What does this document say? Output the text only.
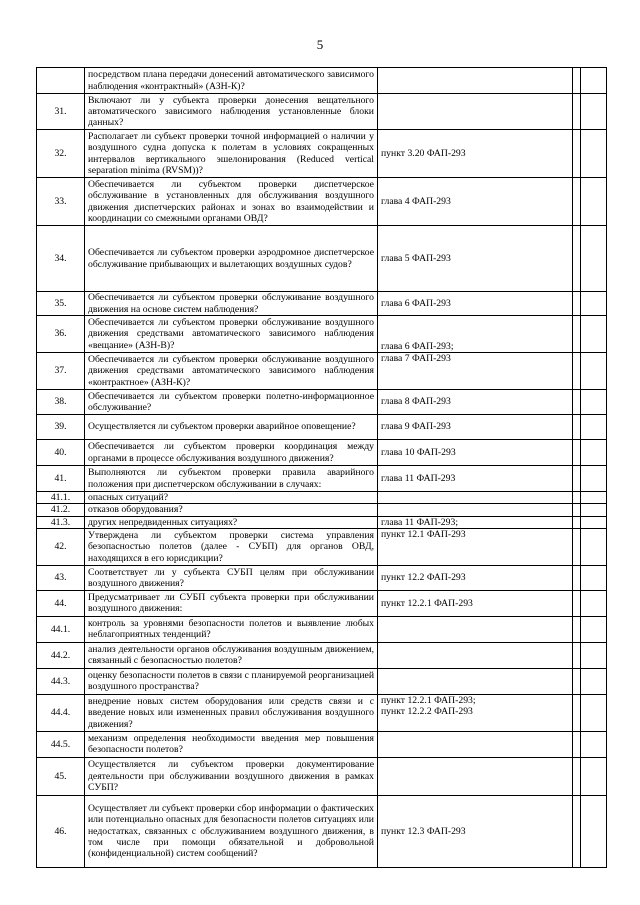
5
	посредством плана передачи донесений автоматического зависимого наблюдения «контрактный» (АЗН-К)?	

31.	Включают ли у субъекта проверки донесения вещательного автоматического зависимого наблюдения установленные блоки данных?	

32.	Располагает ли субъект проверки точной информацией о наличии у воздушного судна допуска к полетам в условиях сокращенных интервалов вертикального эшелонирования (Reduced vertical separation minima (RVSM))?	пункт 3.20 ФАП-293		

33.	Обеспечивается ли субъектом проверки диспетчерское обслуживание в установленных для обслуживания воздушного движения диспетчерских районах и зонах во взаимодействии и координации со смежными органами ОВД?	глава 4 ФАП-293		

34.	Обеспечивается ли субъектом проверки аэродромное диспетчерское обслуживание прибывающих и вылетающих воздушных судов?	глава 5 ФАП-293		

35.	Обеспечивается ли субъектом проверки обслуживание воздушного движения на основе систем наблюдения?	глава 6 ФАП-293		

36.	Обеспечивается ли субъектом проверки обслуживание воздушного движения средствами автоматического зависимого наблюдения «вещание» (АЗН-В)?	глава 6 ФАП-293;		

37.	Обеспечивается ли субъектом проверки обслуживание воздушного движения средствами автоматического зависимого наблюдения «контрактное» (АЗН-К)?	глава 7 ФАП-293		

38.	Обеспечивается ли субъектом проверки полетно-информационное обслуживание?	глава 8 ФАП-293		

39.	Осуществляется ли субъектом проверки аварийное оповещение?	глава 9 ФАП-293		

40.	Обеспечивается ли субъектом проверки координация между органами в процессе обслуживания воздушного движения?	глава 10 ФАП-293		

41.	Выполняются ли субъектом проверки правила аварийного положения при диспетчерском обслуживании в случаях:	глава 11 ФАП-293		

41.1.	опасных ситуаций?	

41.2.	отказов оборудования?	

41.3.	других непредвиденных ситуациях?	глава 11 ФАП-293;		

42.	Утверждена ли субъектом проверки система управления безопасностью полетов (далее - СУБП) для органов ОВД, находящихся в его юрисдикции?	пункт 12.1 ФАП-293		

43.	Соответствует ли у субъекта СУБП целям при обслуживании воздушного движения?	пункт 12.2 ФАП-293		

44.	Предусматривает ли СУБП субъекта проверки при обслуживании воздушного движения:	пункт 12.2.1 ФАП-293		

44.1.	контроль за уровнями безопасности полетов и выявление любых неблагоприятных тенденций?	

44.2.	анализ деятельности органов обслуживания воздушным движением, связанный с безопасностью полетов?	

44.3.	оценку безопасности полетов в связи с планируемой реорганизацией воздушного пространства?	

44.4.	внедрение новых систем оборудования или средств связи и с введение новых или измененных правил обслуживания воздушного движения?	пункт 12.2.1 ФАП-293;
пункт 12.2.2 ФАП-293		

44.5.	механизм определения необходимости введения мер повышения безопасности полетов?	

45.	Осуществляется ли субъектом проверки документирование деятельности при обслуживании воздушного движения в рамках СУБП?	

46.	Осуществляет ли субъект проверки сбор информации о фактических или потенциально опасных для безопасности полетов ситуациях или недостатках, связанных с обслуживанием воздушного движения, в том числе при помощи обязательной и добровольной (конфиденциальной) систем сообщений?	пункт 12.3 ФАП-293		
